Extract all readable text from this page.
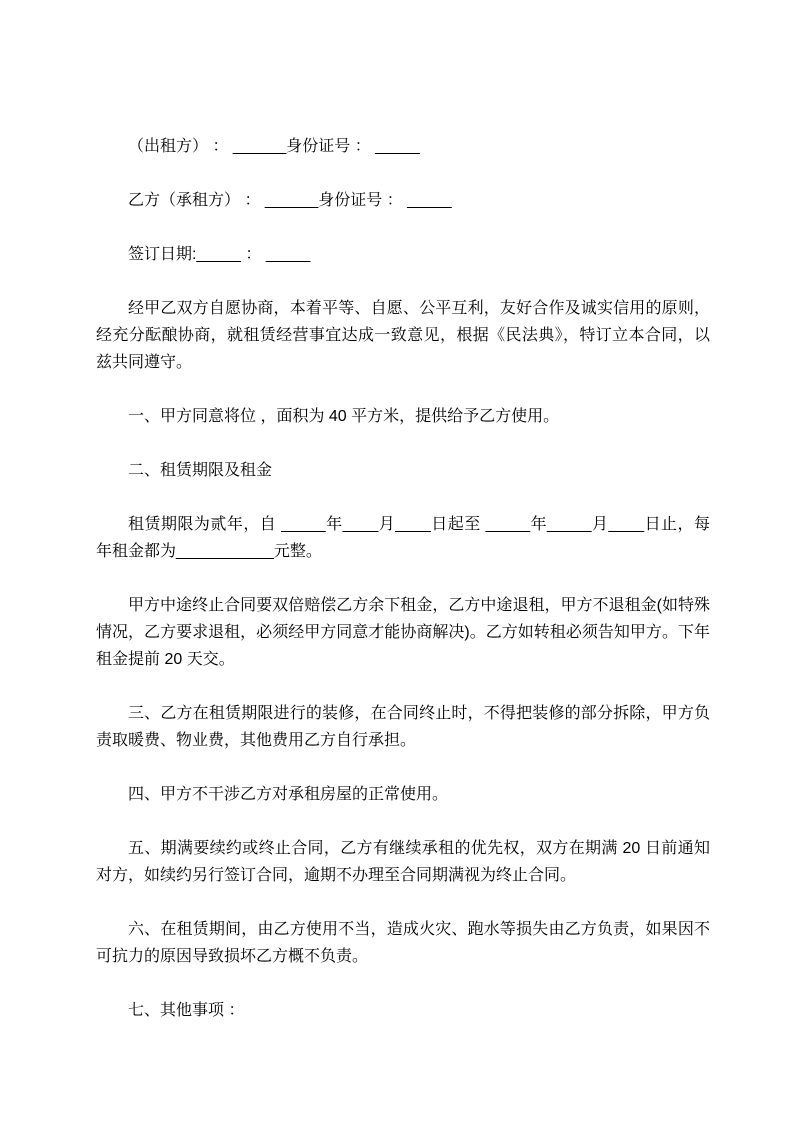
（出租方） ： ______身份证号 ： _____

乙方（承租方） ： ______身份证号 ： _____

签订日期:_____ ： _____

经甲乙双方自愿协商，本着平等、自愿、公平互利，友好合作及诚实信用的原则，经充分酝酿协商，就租赁经营事宜达成一致意见，根据《民法典》，特订立本合同，以兹共同遵守。

一、甲方同意将位 ，面积为 40 平方米，提供给予乙方使用。

二、租赁期限及租金

租赁期限为贰年，自 _____年____月____日起至 _____年_____月____日止，每年租金都为___________元整。

甲方中途终止合同要双倍赔偿乙方余下租金，乙方中途退租，甲方不退租金(如特殊情况，乙方要求退租，必须经甲方同意才能协商解决)。乙方如转租必须告知甲方。下年租金提前 20 天交。

三、乙方在租赁期限进行的装修，在合同终止时，不得把装修的部分拆除，甲方负责取暖费、物业费，其他费用乙方自行承担。

四、甲方不干涉乙方对承租房屋的正常使用。

五、期满要续约或终止合同，乙方有继续承租的优先权，双方在期满 20 日前通知对方，如续约另行签订合同，逾期不办理至合同期满视为终止合同。

六、在租赁期间，由乙方使用不当，造成火灾、跑水等损失由乙方负责，如果因不可抗力的原因导致损坏乙方概不负责。

七、其他事项 ：
